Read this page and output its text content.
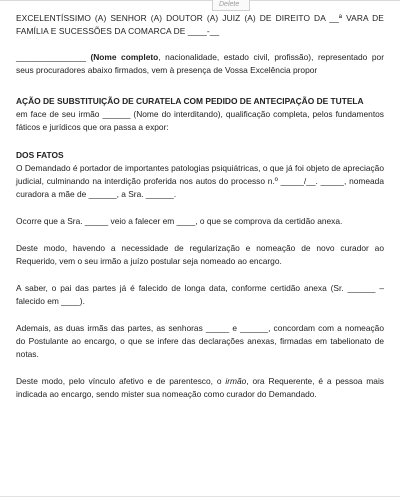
Delete

EXCELENTÍSSIMO (A) SENHOR (A) DOUTOR (A) JUIZ (A) DE DIREITO DA __ª VARA DE FAMÍLIA E SUCESSÕES DA COMARCA DE ____-__

_______________ (Nome completo, nacionalidade, estado civil, profissão), representado por seus procuradores abaixo firmados, vem à presença de Vossa Excelência propor

AÇÃO DE SUBSTITUIÇÃO DE CURATELA COM PEDIDO DE ANTECIPAÇÃO DE TUTELA

em face de seu irmão ______ (Nome do interditando), qualificação completa, pelos fundamentos fáticos e jurídicos que ora passa a expor:

DOS FATOS

O Demandado é portador de importantes patologias psiquiátricas, o que já foi objeto de apreciação judicial, culminando na interdição proferida nos autos do processo n.º _____/__. _____, nomeada curadora a mãe de ______, a Sra. ______.

Ocorre que a Sra. _____ veio a falecer em ____, o que se comprova da certidão anexa.

Deste modo, havendo a necessidade de regularização e nomeação de novo curador ao Requerido, vem o seu irmão a juízo postular seja nomeado ao encargo.

A saber, o pai das partes já é falecido de longa data, conforme certidão anexa (Sr. ______ – falecido em ____).

Ademais, as duas irmãs das partes, as senhoras _____ e ______, concordam com a nomeação do Postulante ao encargo, o que se infere das declarações anexas, firmadas em tabelionato de notas.

Deste modo, pelo vínculo afetivo e de parentesco, o irmão, ora Requerente, é a pessoa mais indicada ao encargo, sendo mister sua nomeação como curador do Demandado.
